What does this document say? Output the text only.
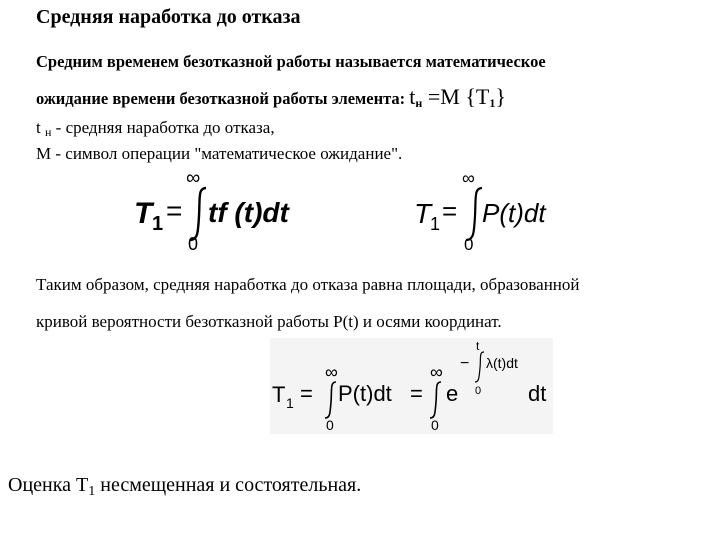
Средняя наработка до отказа
Средним временем безотказной работы называется математическое
ожидание времени безотказной работы элемента: tн =M {T1}
t н - средняя наработка до отказа,
М - символ операции "математическое ожидание".
T 1 =
∞
0
tf (t)dt	T
1 =
∞
0
P(t)dt
Таким образом, средняя наработка до отказа равна площади, образованной
кривой вероятности безотказной работы P(t) и осями координат.
T 1 =
∞
0
P(t)dt =
∞
0
e
−
t
0
λ(t)dt
dt
Оценка $Т_1$ несмещенная и состоятельная.
